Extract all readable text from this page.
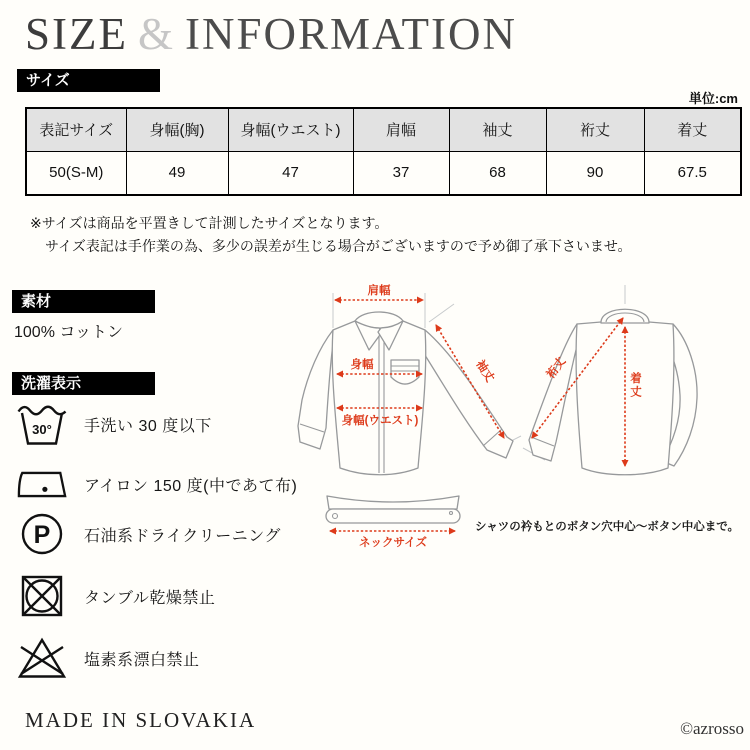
SIZE & INFORMATION
サイズ
単位:cm
表記サイズ	身幅(胸)	身幅(ウエスト)	肩幅	袖丈	裄丈	着丈
50(S-M)	49	47	37	68	90	67.5
※サイズは商品を平置きして計測したサイズとなります。
サイズ表記は手作業の為、多少の誤差が生じる場合がございますので予め御了承下さいませ。
素材
100% コットン
洗濯表示
30° 手洗い 30 度以下
アイロン 150 度(中であて布)
P 石油系ドライクリーニング
タンブル乾燥禁止
塩素系漂白禁止
肩幅
身幅
身幅(ウエスト)
袖丈	裄丈
着丈
ネックサイズ
シャツの衿もとのボタン穴中心〜ボタン中心まで。
MADE IN SLOVAKIA	©azrosso
